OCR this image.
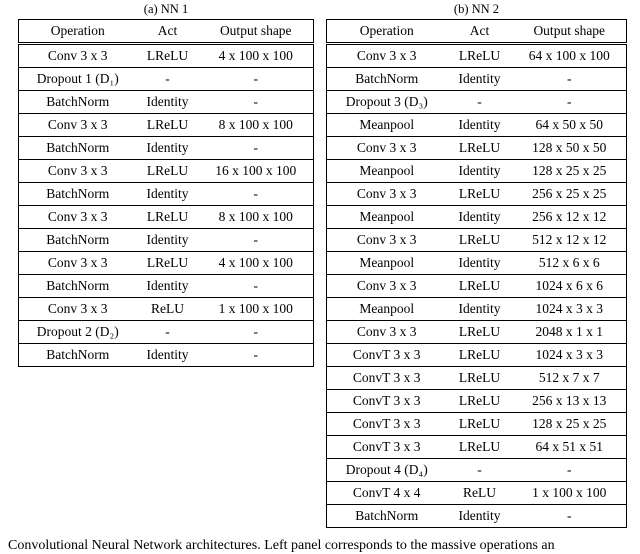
(a) NN 1
Operation	Act	Output shape
Conv 3 x 3	LReLU	4 x 100 x 100
Dropout 1 (D₁)	-	-
BatchNorm	Identity	-
Conv 3 x 3	LReLU	8 x 100 x 100
BatchNorm	Identity	-
Conv 3 x 3	LReLU	16 x 100 x 100
BatchNorm	Identity	-
Conv 3 x 3	LReLU	8 x 100 x 100
BatchNorm	Identity	-
Conv 3 x 3	LReLU	4 x 100 x 100
BatchNorm	Identity	-
Conv 3 x 3	ReLU	1 x 100 x 100
Dropout 2 (D₂)	-	-
BatchNorm	Identity	-
(b) NN 2
Operation	Act	Output shape
Conv 3 x 3	LReLU	64 x 100 x 100
BatchNorm	Identity	-
Dropout 3 (D₃)	-	-
Meanpool	Identity	64 x 50 x 50
Conv 3 x 3	LReLU	128 x 50 x 50
Meanpool	Identity	128 x 25 x 25
Conv 3 x 3	LReLU	256 x 25 x 25
Meanpool	Identity	256 x 12 x 12
Conv 3 x 3	LReLU	512 x 12 x 12
Meanpool	Identity	512 x 6 x 6
Conv 3 x 3	LReLU	1024 x 6 x 6
Meanpool	Identity	1024 x 3 x 3
Conv 3 x 3	LReLU	2048 x 1 x 1
ConvT 3 x 3	LReLU	1024 x 3 x 3
ConvT 3 x 3	LReLU	512 x 7 x 7
ConvT 3 x 3	LReLU	256 x 13 x 13
ConvT 3 x 3	LReLU	128 x 25 x 25
ConvT 3 x 3	LReLU	64 x 51 x 51
Dropout 4 (D₄)	-	-
ConvT 4 x 4	ReLU	1 x 100 x 100
BatchNorm	Identity	-
Convolutional Neural Network architectures. Left panel corresponds to the massive operations an
